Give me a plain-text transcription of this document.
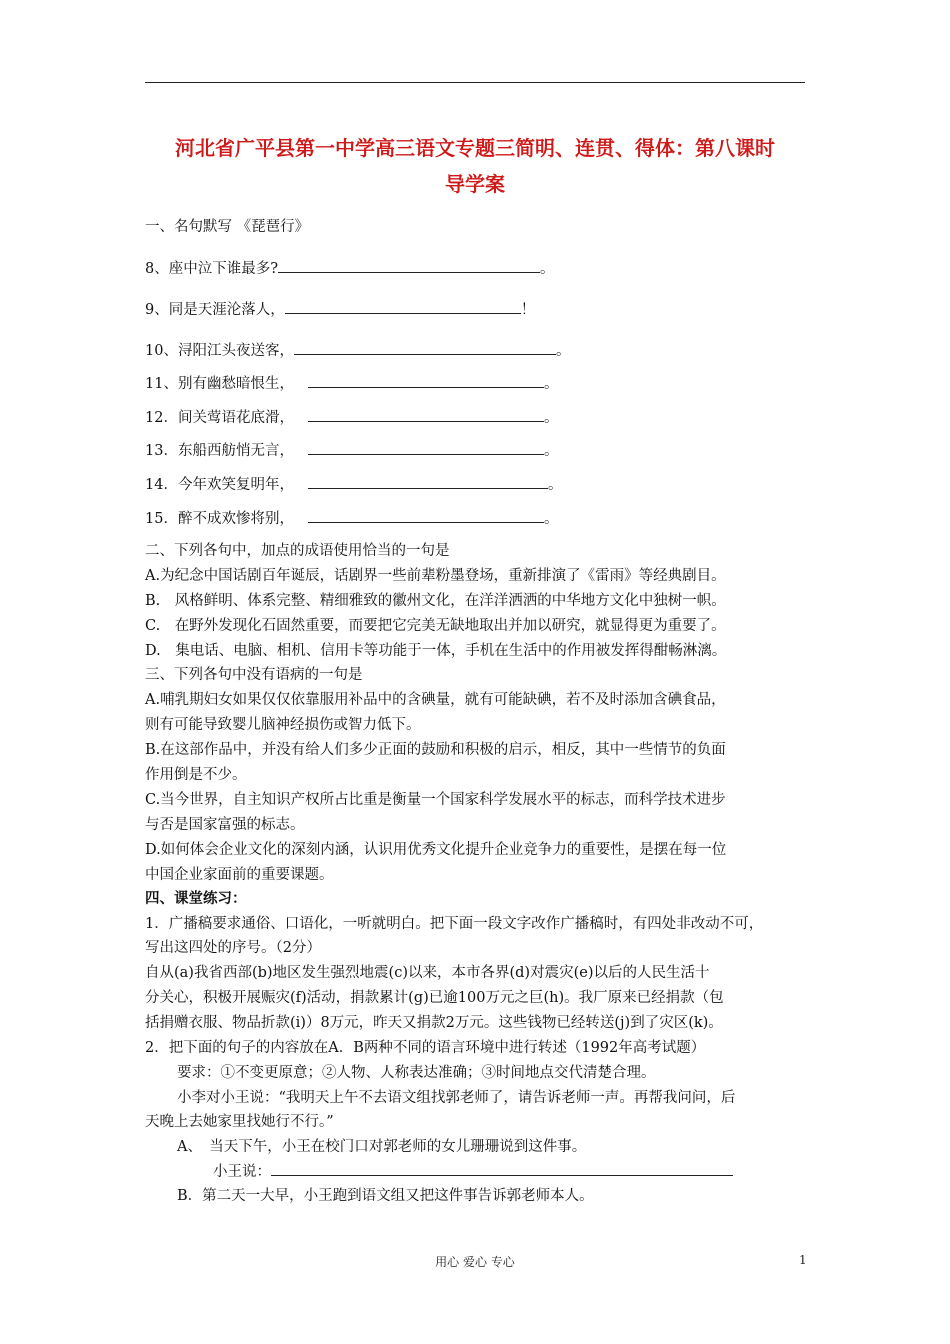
河北省广平县第一中学高三语文专题三简明、连贯、得体：第八课时
导学案
一、名句默写 《琵琶行》
8、座中泣下谁最多?	。
9、同是天涯沦落人，	！
10、浔阳江头夜送客，	。
11、别有幽愁暗恨生，	。
12．间关莺语花底滑，	。
13．东船西舫悄无言，	。
14．今年欢笑复明年，	。
15．醉不成欢惨将别，	。
二、下列各句中，加点的成语使用恰当的一句是
A.为纪念中国话剧百年诞辰，话剧界一些前辈粉墨登场，重新排演了《雷雨》等经典剧目。
B.　风格鲜明、体系完整、精细雅致的徽州文化，在洋洋洒洒的中华地方文化中独树一帜。
C.　在野外发现化石固然重要，而要把它完美无缺地取出并加以研究，就显得更为重要了。
D.　集电话、电脑、相机、信用卡等功能于一体，手机在生活中的作用被发挥得酣畅淋漓。
三、下列各句中没有语病的一句是
A.哺乳期妇女如果仅仅依靠服用补品中的含碘量，就有可能缺碘，若不及时添加含碘食品，
则有可能导致婴儿脑神经损伤或智力低下。
B.在这部作品中，并没有给人们多少正面的鼓励和积极的启示，相反，其中一些情节的负面
作用倒是不少。
C.当今世界，自主知识产权所占比重是衡量一个国家科学发展水平的标志，而科学技术进步
与否是国家富强的标志。
D.如何体会企业文化的深刻内涵，认识用优秀文化提升企业竞争力的重要性，是摆在每一位
中国企业家面前的重要课题。
四、课堂练习：
1．广播稿要求通俗、口语化，一听就明白。把下面一段文字改作广播稿时，有四处非改动不可，
写出这四处的序号。（2分）
自从(a)我省西部(b)地区发生强烈地震(c)以来，本市各界(d)对震灾(e)以后的人民生活十
分关心，积极开展赈灾(f)活动，捐款累计(g)已逾100万元之巨(h)。我厂原来已经捐款（包
括捐赠衣服、物品折款(i)）8万元，昨天又捐款2万元。这些钱物已经转送(j)到了灾区(k)。
2．把下面的句子的内容放在A．B两种不同的语言环境中进行转述（1992年高考试题）
要求：①不变更原意；②人物、人称表达准确；③时间地点交代清楚合理。
小李对小王说：“我明天上午不去语文组找郭老师了，请告诉老师一声。再帮我问问，后
天晚上去她家里找她行不行。”
A、　当天下午，小王在校门口对郭老师的女儿珊珊说到这件事。
小王说：
B．第二天一大早，小王跑到语文组又把这件事告诉郭老师本人。
用心 爱心 专心	1
